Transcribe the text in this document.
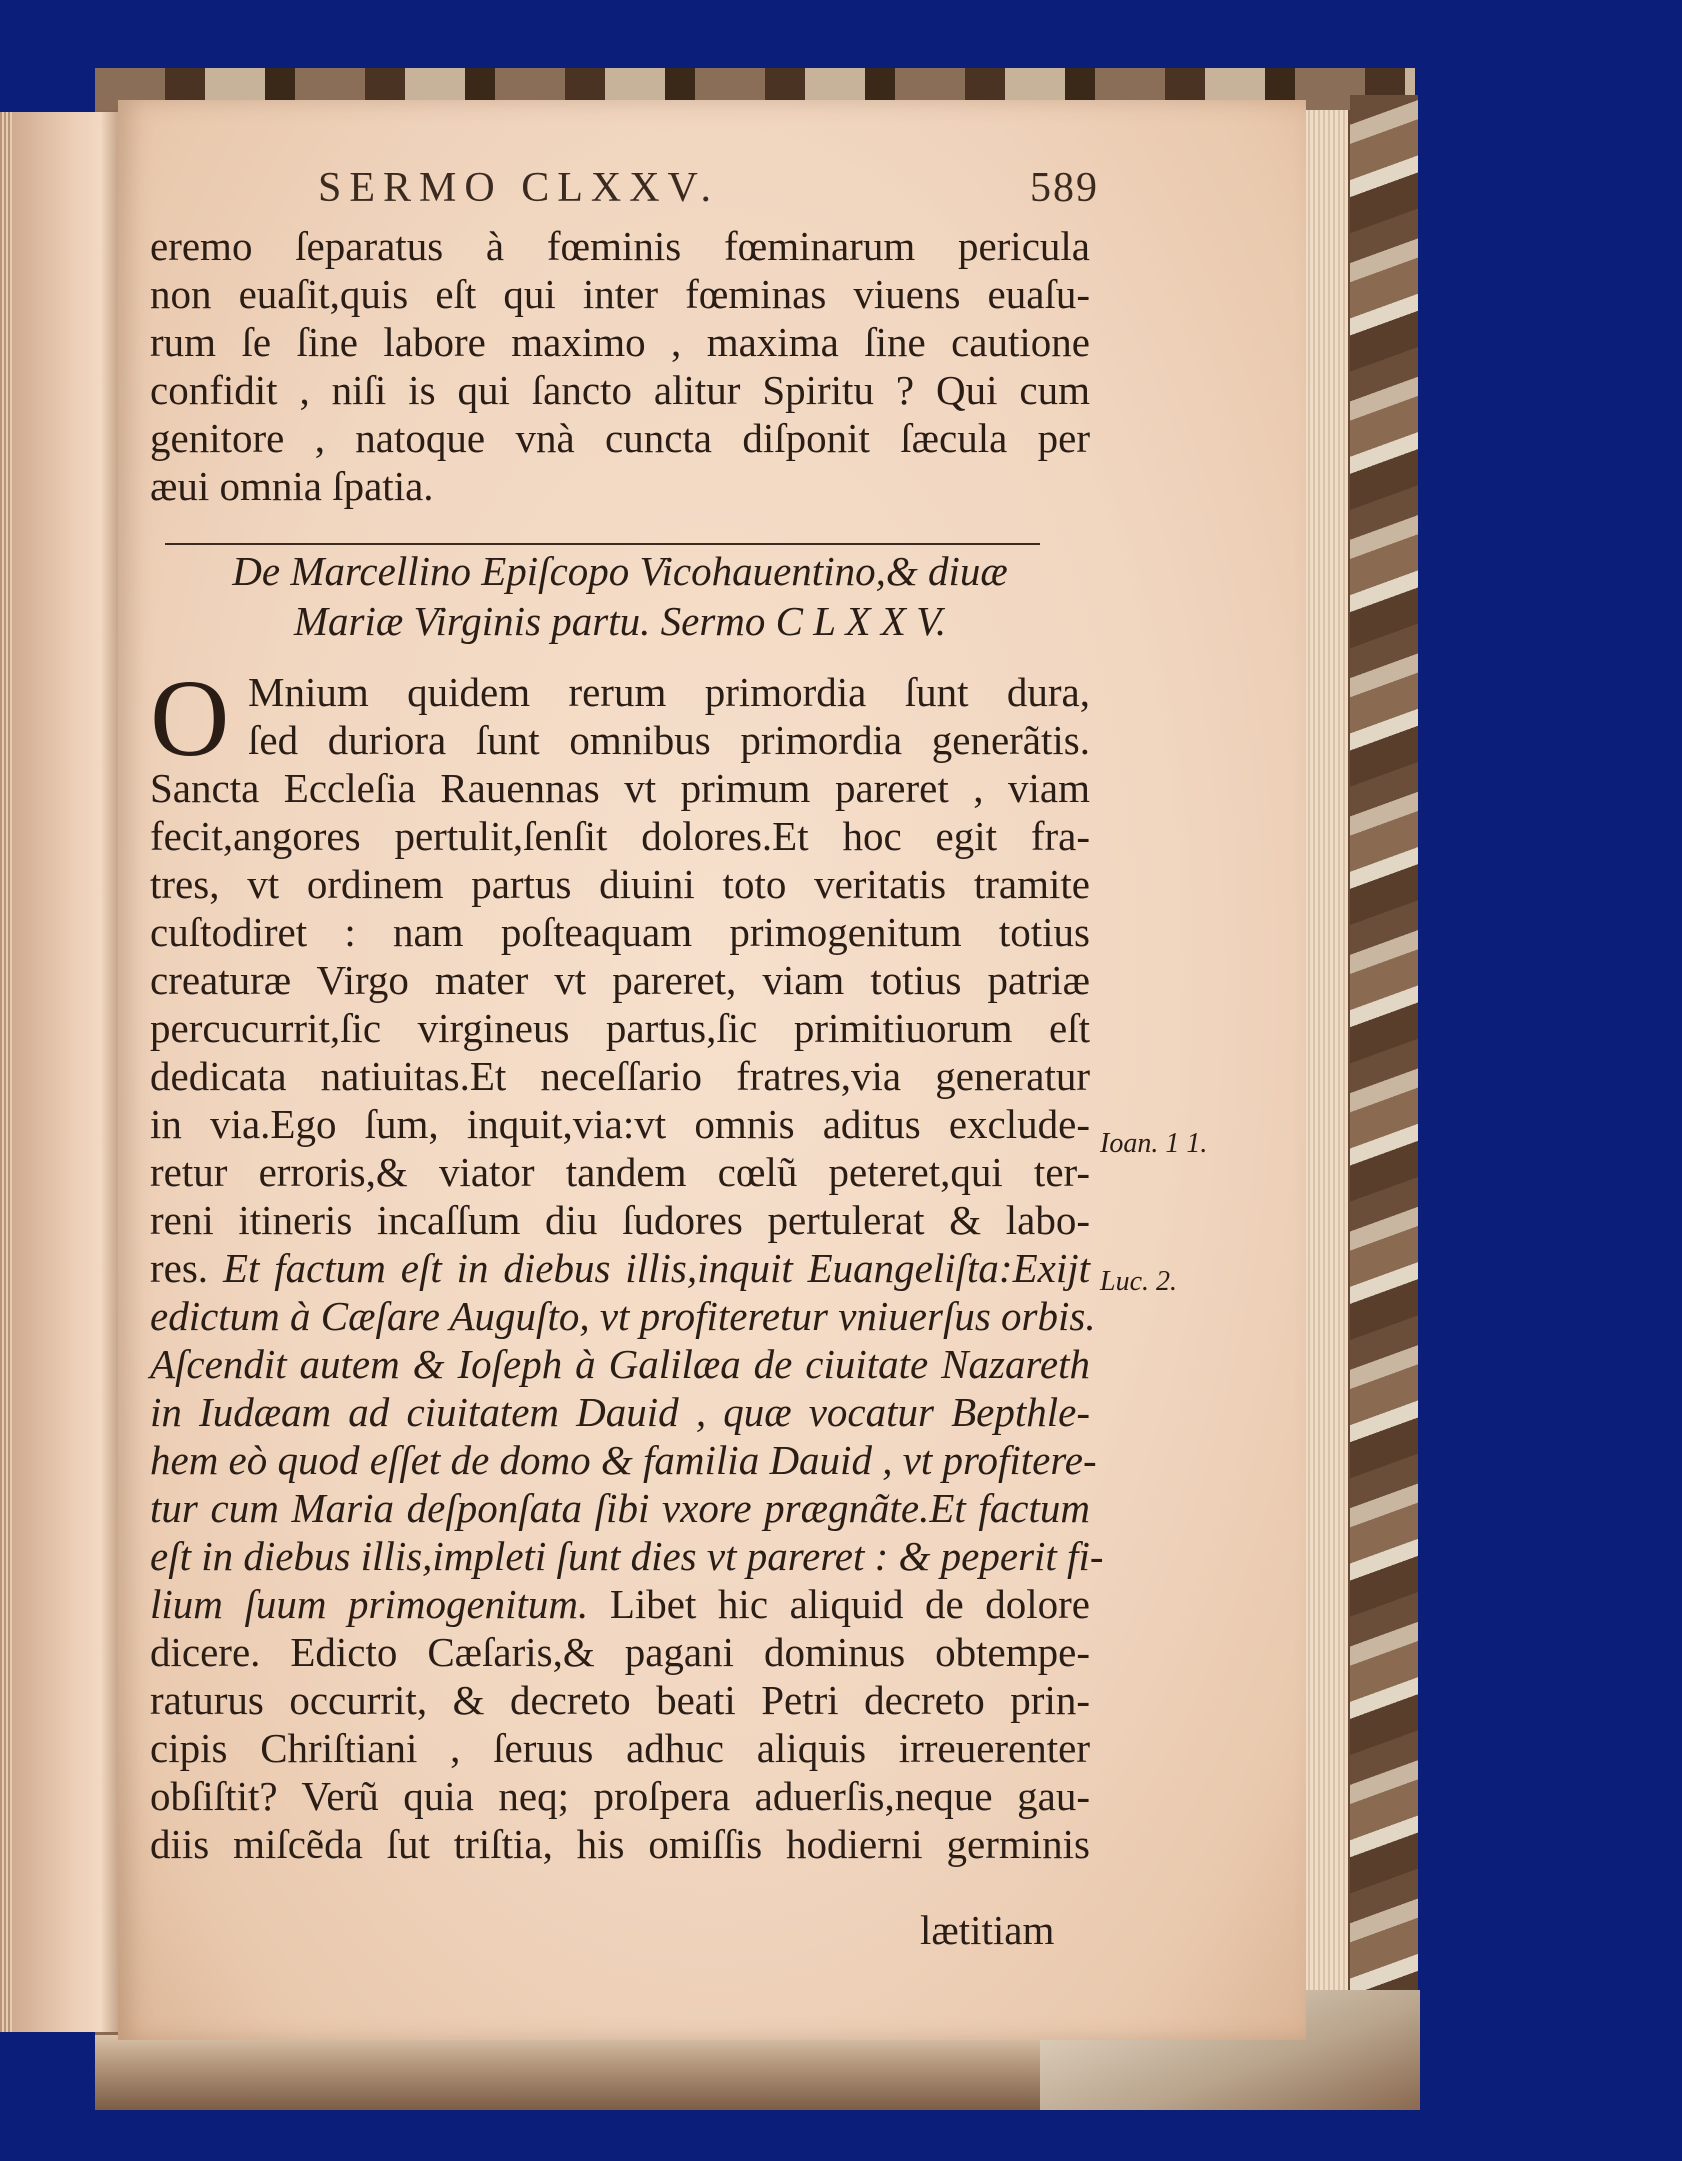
SERMO CLXXV.	589
eremo ſeparatus à fœminis fœminarum pericula
non euaſit,quis eſt qui inter fœminas viuens euaſu-
rum ſe ſine labore maximo , maxima ſine cautione
confidit , niſi is qui ſancto alitur Spiritu ? Qui cum
genitore , natoque vnà cuncta diſponit ſæcula per
æui omnia ſpatia.
De Marcellino Epiſcopo Vicohauentino,& diuæ
Mariæ Virginis partu. Sermo C L X X V.
O Mnium quidem rerum primordia ſunt dura,
ſed duriora ſunt omnibus primordia generãtis.
Sancta Eccleſia Rauennas vt primum pareret , viam
fecit,angores pertulit,ſenſit dolores.Et hoc egit fra-
tres, vt ordinem partus diuini toto veritatis tramite
cuſtodiret : nam poſteaquam primogenitum totius
creaturæ Virgo mater vt pareret, viam totius patriæ
percucurrit,ſic virgineus partus,ſic primitiuorum eſt
dedicata natiuitas.Et neceſſario fratres,via generatur
in via.Ego ſum, inquit,via:vt omnis aditus exclude-
retur erroris,& viator tandem cœlũ peteret,qui ter-
reni itineris incaſſum diu ſudores pertulerat & labo-
res. Et factum eſt in diebus illis,inquit Euangeliſta:Exijt
edictum à Cæſare Auguſto, vt profiteretur vniuerſus orbis.
Aſcendit autem & Ioſeph à Galilæa de ciuitate Nazareth
in Iudæam ad ciuitatem Dauid , quæ vocatur Bepthle-
hem eò quod eſſet de domo & familia Dauid , vt profitere-
tur cum Maria deſponſata ſibi vxore prægnãte.Et factum
eſt in diebus illis,impleti ſunt dies vt pareret : & peperit fi-
lium ſuum primogenitum. Libet hic aliquid de dolore
dicere. Edicto Cæſaris,& pagani dominus obtempe-
raturus occurrit, & decreto beati Petri decreto prin-
cipis Chriſtiani , ſeruus adhuc aliquis irreuerenter
obſiſtit? Verũ quia neq; proſpera aduerſis,neque gau-
diis miſcẽda ſut triſtia, his omiſſis hodierni germinis
lætitiam
Ioan. 1 1.
Luc. 2.
